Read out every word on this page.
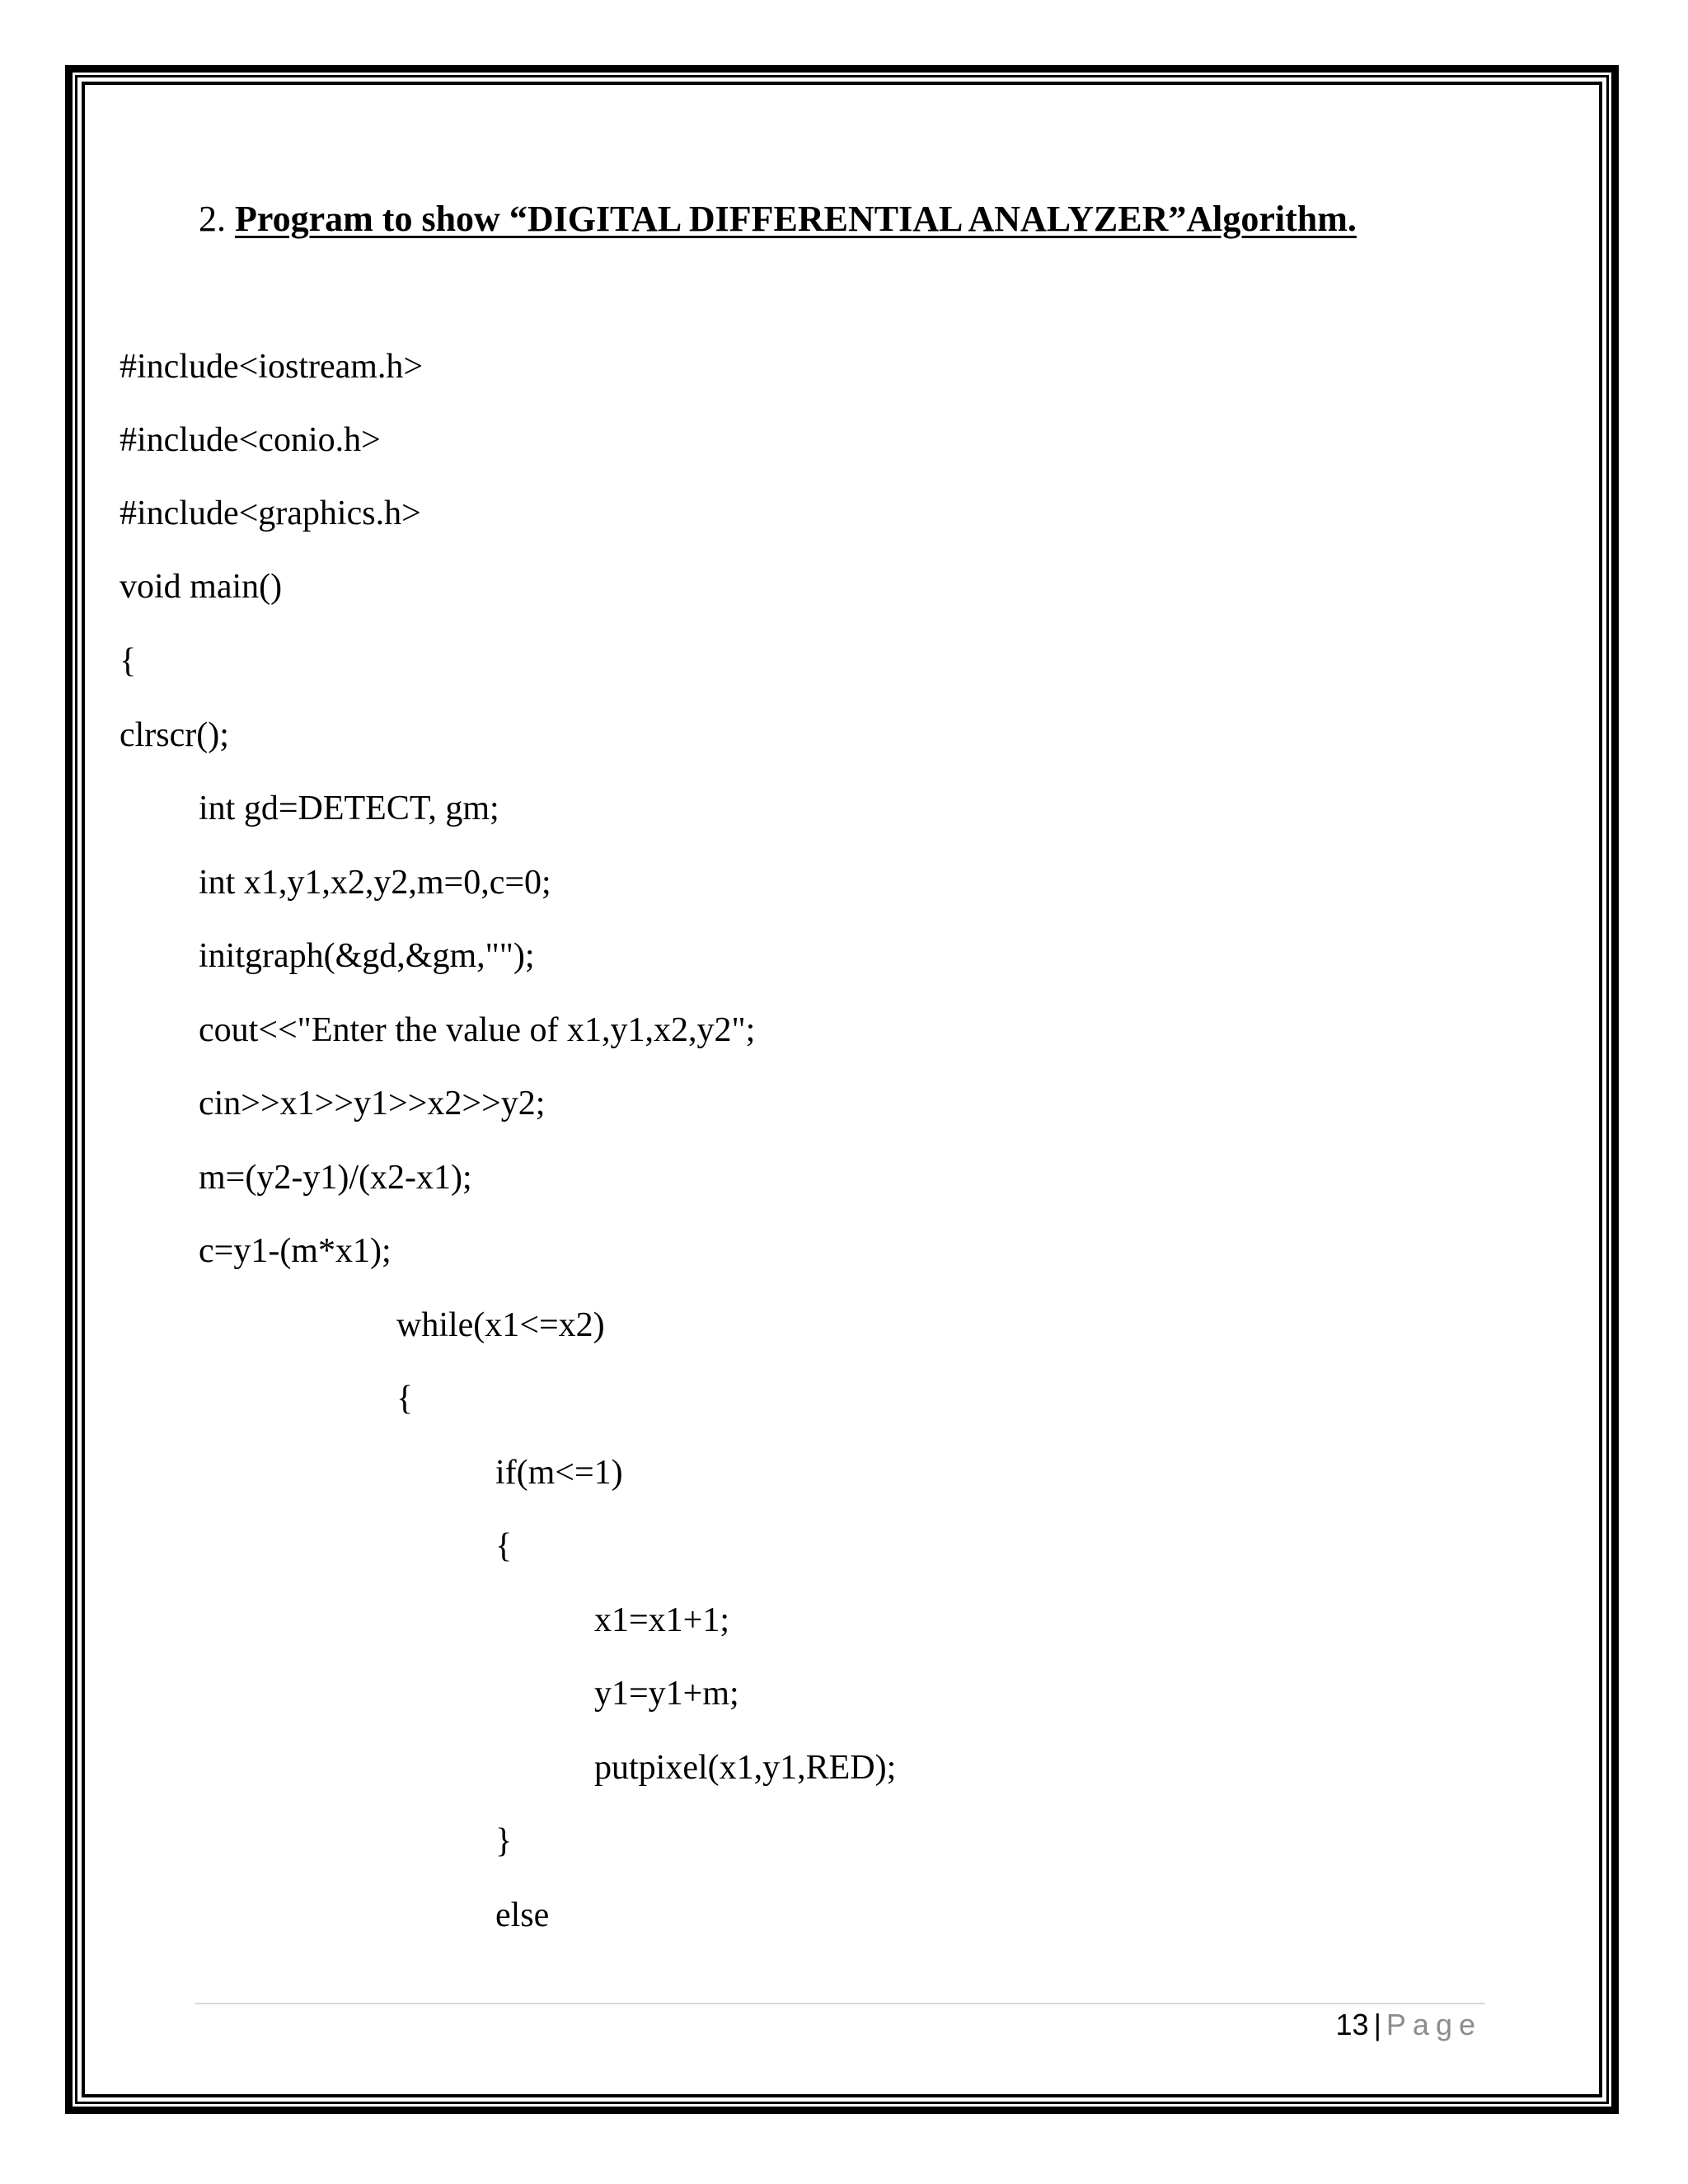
2. Program to show “DIGITAL DIFFERENTIAL ANALYZER”Algorithm.
#include<iostream.h>
#include<conio.h>
#include<graphics.h>
void main()
{
clrscr();
int gd=DETECT, gm;
int x1,y1,x2,y2,m=0,c=0;
initgraph(&gd,&gm,"");
cout<<"Enter the value of x1,y1,x2,y2";
cin>>x1>>y1>>x2>>y2;
m=(y2-y1)/(x2-x1);
c=y1-(m*x1);
while(x1<=x2)
{
if(m<=1)
{
x1=x1+1;
y1=y1+m;
putpixel(x1,y1,RED);
}
else
13 | Page
